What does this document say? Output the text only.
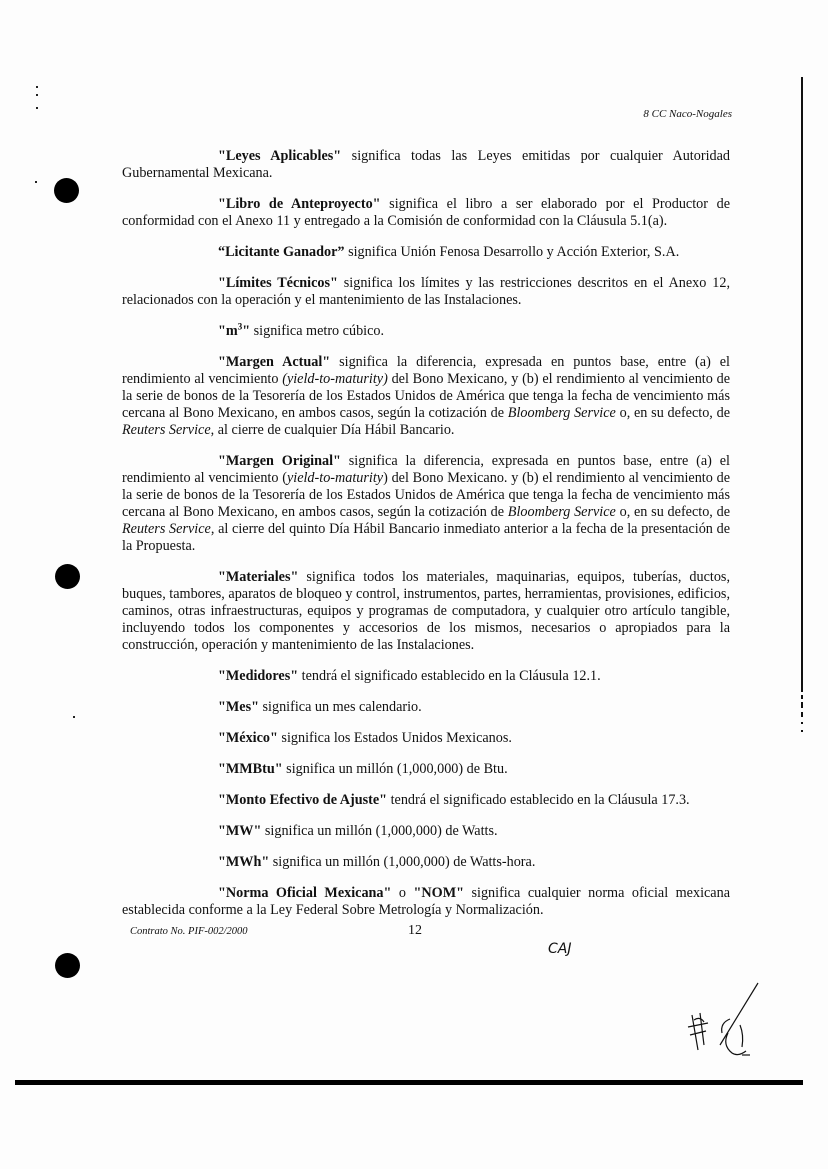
8 CC Naco-Nogales

"Leyes Aplicables" significa todas las Leyes emitidas por cualquier Autoridad Gubernamental Mexicana.

"Libro de Anteproyecto" significa el libro a ser elaborado por el Productor de conformidad con el Anexo 11 y entregado a la Comisión de conformidad con la Cláusula 5.1(a).

“Licitante Ganador” significa Unión Fenosa Desarrollo y Acción Exterior, S.A.

"Límites Técnicos" significa los límites y las restricciones descritos en el Anexo 12, relacionados con la operación y el mantenimiento de las Instalaciones.

"$m^3$" significa metro cúbico.

"Margen Actual" significa la diferencia, expresada en puntos base, entre (a) el rendimiento al vencimiento (yield-to-maturity) del Bono Mexicano, y (b) el rendimiento al vencimiento de la serie de bonos de la Tesorería de los Estados Unidos de América que tenga la fecha de vencimiento más cercana al Bono Mexicano, en ambos casos, según la cotización de Bloomberg Service o, en su defecto, de Reuters Service, al cierre de cualquier Día Hábil Bancario.

"Margen Original" significa la diferencia, expresada en puntos base, entre (a) el rendimiento al vencimiento (yield-to-maturity) del Bono Mexicano. y (b) el rendimiento al vencimiento de la serie de bonos de la Tesorería de los Estados Unidos de América que tenga la fecha de vencimiento más cercana al Bono Mexicano, en ambos casos, según la cotización de Bloomberg Service o, en su defecto, de Reuters Service, al cierre del quinto Día Hábil Bancario inmediato anterior a la fecha de la presentación de la Propuesta.

"Materiales" significa todos los materiales, maquinarias, equipos, tuberías, ductos, buques, tambores, aparatos de bloqueo y control, instrumentos, partes, herramientas, provisiones, edificios, caminos, otras infraestructuras, equipos y programas de computadora, y cualquier otro artículo tangible, incluyendo todos los componentes y accesorios de los mismos, necesarios o apropiados para la construcción, operación y mantenimiento de las Instalaciones.

"Medidores" tendrá el significado establecido en la Cláusula 12.1.

"Mes" significa un mes calendario.

"México" significa los Estados Unidos Mexicanos.

"MMBtu" significa un millón (1,000,000) de Btu.

"Monto Efectivo de Ajuste" tendrá el significado establecido en la Cláusula 17.3.

"MW" significa un millón (1,000,000) de Watts.

"MWh" significa un millón (1,000,000) de Watts-hora.

"Norma Oficial Mexicana" o "NOM" significa cualquier norma oficial mexicana establecida conforme a la Ley Federal Sobre Metrología y Normalización.

Contrato No. PIF-002/2000	12
CAJ
